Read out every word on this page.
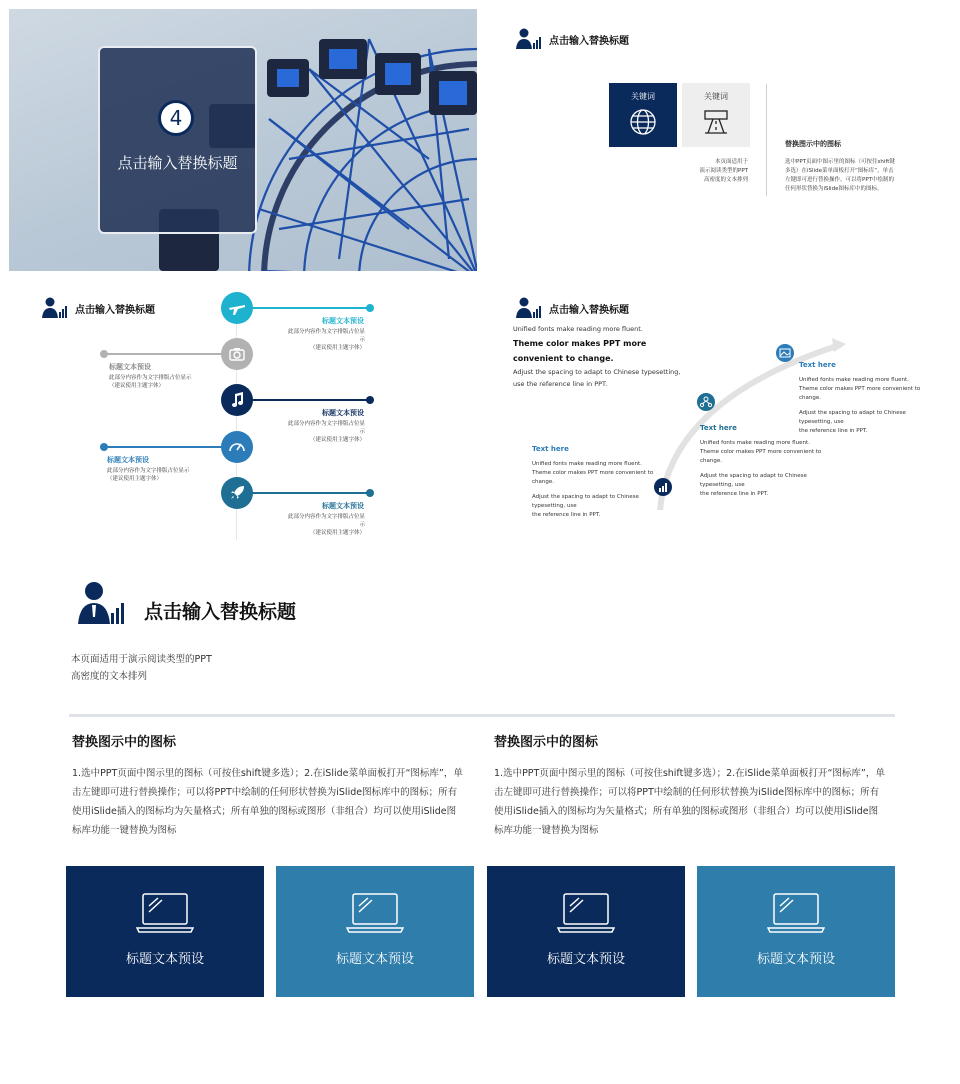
4
点击输入替换标题
点击输入替换标题
关键词	关键词
本页面适用于
演示阅读类型的PPT
高密度的文本排列
替换图示中的图标
选中PPT页面中图示里的图标（可按住shift键
多选）在iSlide菜单面板打开“图标库”，单击
左键即可进行替换操作。可以将PPT中绘制的
任何形状替换为iSlide图标库中的图标。
点击输入替换标题
标题文本预设
此部分内容作为文字排版占位显示
（建议使用主题字体）
标题文本预设
此部分内容作为文字排版占位显示
（建议使用主题字体）
标题文本预设
此部分内容作为文字排版占位显示
（建议使用主题字体）
标题文本预设
此部分内容作为文字排版占位显示
（建议使用主题字体）
标题文本预设
此部分内容作为文字排版占位显示
（建议使用主题字体）
点击输入替换标题
Unified fonts make reading more fluent.
Theme color makes PPT more
convenient to change.
Adjust the spacing to adapt to Chinese typesetting,
use the reference line in PPT.
Text here
Unified fonts make reading more fluent.
Theme color makes PPT more convenient to change.
Adjust the spacing to adapt to Chinese typesetting, use
the reference line in PPT.
Text here
Unified fonts make reading more fluent.
Theme color makes PPT more convenient to change.
Adjust the spacing to adapt to Chinese typesetting, use
the reference line in PPT.
Text here
Unified fonts make reading more fluent.
Theme color makes PPT more convenient to change.
Adjust the spacing to adapt to Chinese typesetting, use
the reference line in PPT.
点击输入替换标题
本页面适用于演示阅读类型的PPT
高密度的文本排列
替换图示中的图标
1.选中PPT页面中图示里的图标（可按住shift键多选）；2.在iSlide菜单面板打开“图标库”，单
击左键即可进行替换操作；可以将PPT中绘制的任何形状替换为iSlide图标库中的图标；所有
使用iSlide插入的图标均为矢量格式；所有单独的图标或图形（非组合）均可以使用iSlide图
标库功能一键替换为图标
替换图示中的图标
1.选中PPT页面中图示里的图标（可按住shift键多选）；2.在iSlide菜单面板打开“图标库”，单
击左键即可进行替换操作；可以将PPT中绘制的任何形状替换为iSlide图标库中的图标；所有
使用iSlide插入的图标均为矢量格式；所有单独的图标或图形（非组合）均可以使用iSlide图
标库功能一键替换为图标
标题文本预设	标题文本预设	标题文本预设	标题文本预设
